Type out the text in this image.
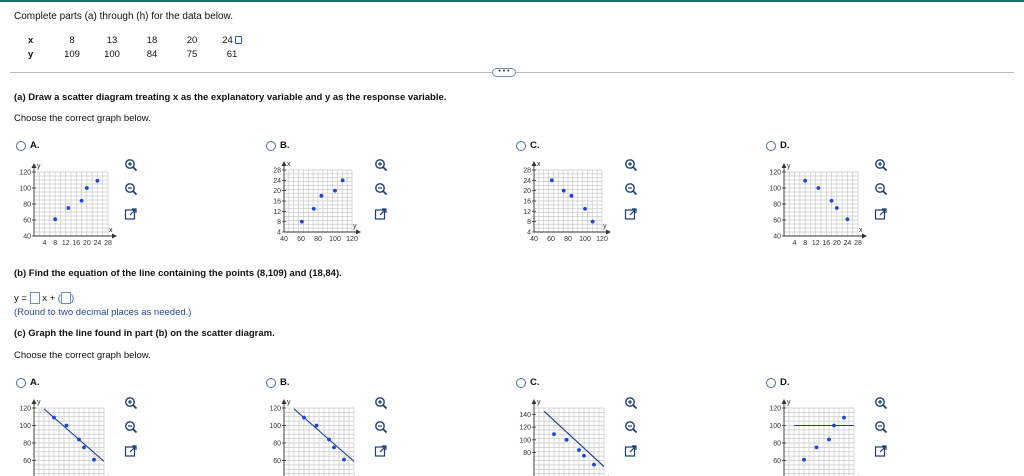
Complete parts (a) through (h) for the data below.
x	8	13	18	20	24
y	109	100	84	75	61
• • •
(a) Draw a scatter diagram treating x as the explanatory variable and y as the response variable.
Choose the correct graph below.
A.	B.	C.	D.
y
x
40
60
80
100
120
4 8 12 16 20 24 28
x
y
4
8
12
16
20
24
28
40 60 80 100 120
x
y
4
8
12
16
20
24
28
40 60 80 100 120
y
x
40
60
80
100
120
4 8 12 16 20 24 28
(b) Find the equation of the line containing the points (8,109) and (18,84).
y = x + ( )
(Round to two decimal places as needed.)
(c) Graph the line found in part (b) on the scatter diagram.
Choose the correct graph below.
A.	B.	C.	D.
y
60
80
100
120
y
60
80
100
120
y
80
100
120
140
y
60
80
100
120
